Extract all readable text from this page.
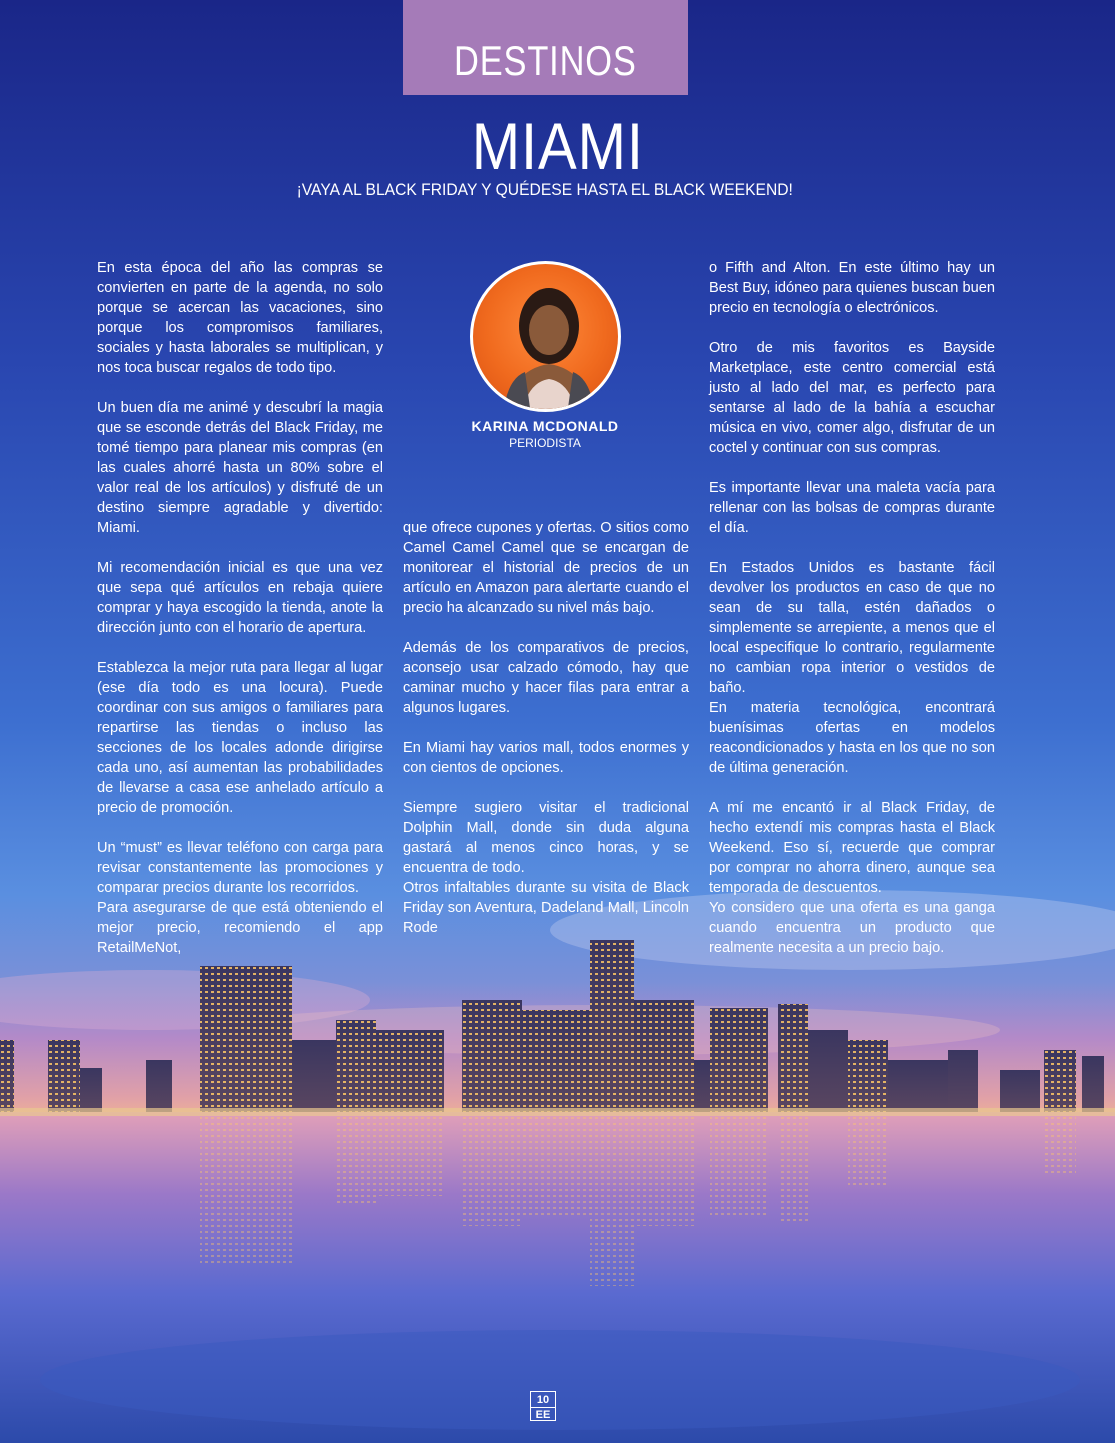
DESTINOS
MIAMI
¡VAYA AL BLACK FRIDAY Y QUÉDESE HASTA EL BLACK WEEKEND!
KARINA MCDONALD
PERIODISTA

En esta época del año las compras se convierten en parte de la agenda, no solo porque se acercan las vacaciones, sino porque los compromisos familiares, sociales y hasta laborales se multiplican, y nos toca buscar regalos de todo tipo.

Un buen día me animé y descubrí la magia que se esconde detrás del Black Friday, me tomé tiempo para planear mis compras (en las cuales ahorré hasta un 80% sobre el valor real de los artículos) y disfruté de un destino siempre agradable y divertido: Miami.

Mi recomendación inicial es que una vez que sepa qué artículos en rebaja quiere comprar y haya escogido la tienda, anote la dirección junto con el horario de apertura.

Establezca la mejor ruta para llegar al lugar (ese día todo es una locura). Puede coordinar con sus amigos o familiares para repartirse las tiendas o incluso las secciones de los locales adonde dirigirse cada uno, así aumentan las probabilidades de llevarse a casa ese anhelado artículo a precio de promoción.

Un “must” es llevar teléfono con carga para revisar constantemente las promociones y comparar precios durante los recorridos.

Para asegurarse de que está obteniendo el mejor precio, recomiendo el app RetailMeNot,

que ofrece cupones y ofertas. O sitios como Camel Camel Camel que se encargan de monitorear el historial de precios de un artículo en Amazon para alertarte cuando el precio ha alcanzado su nivel más bajo.

Además de los comparativos de precios, aconsejo usar calzado cómodo, hay que caminar mucho y hacer filas para entrar a algunos lugares.

En Miami hay varios mall, todos enormes y con cientos de opciones.

Siempre sugiero visitar el tradicional Dolphin Mall, donde sin duda alguna gastará al menos cinco horas, y se encuentra de todo.

Otros infaltables durante su visita de Black Friday son Aventura, Dadeland Mall, Lincoln Rode

o Fifth and Alton. En este último hay un Best Buy, idóneo para quienes buscan buen precio en tecnología o electrónicos.

Otro de mis favoritos es Bayside Marketplace, este centro comercial está justo al lado del mar, es perfecto para sentarse al lado de la bahía a escuchar música en vivo, comer algo, disfrutar de un coctel y continuar con sus compras.

Es importante llevar una maleta vacía para rellenar con las bolsas de compras durante el día.

En Estados Unidos es bastante fácil devolver los productos en caso de que no sean de su talla, estén dañados o simplemente se arrepiente, a menos que el local especifique lo contrario, regularmente no cambian ropa interior o vestidos de baño.

En materia tecnológica, encontrará buenísimas ofertas en modelos reacondicionados y hasta en los que no son de última generación.

A mí me encantó ir al Black Friday, de hecho extendí mis compras hasta el Black Weekend. Eso sí, recuerde que comprar por comprar no ahorra dinero, aunque sea temporada de descuentos.

Yo considero que una oferta es una ganga cuando encuentra un producto que realmente necesita a un precio bajo.

10
EE
